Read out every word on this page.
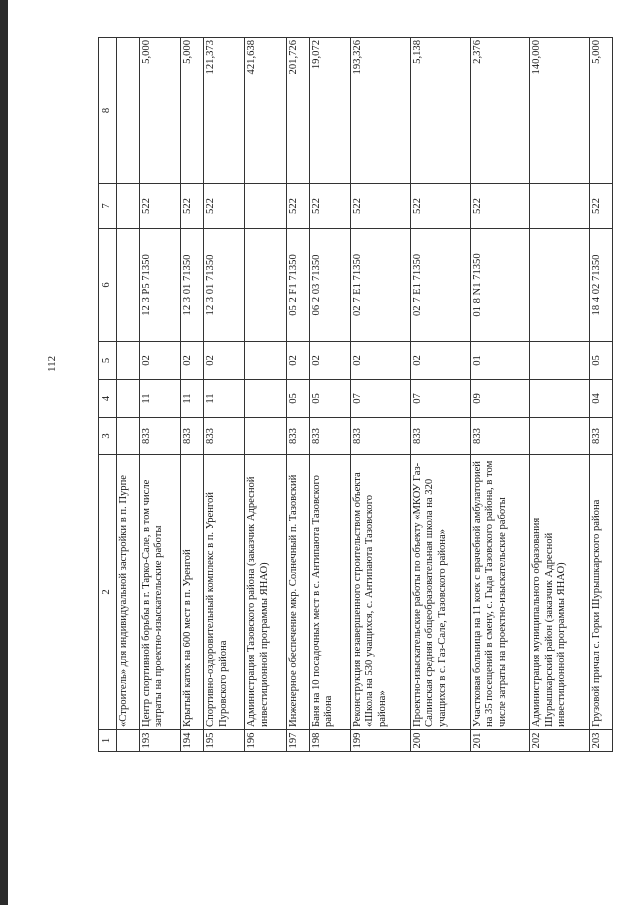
112
1	2	3	4	5	6	7	8
	«Строитель» для индивидуальной застройки в п. Пурпе						
193	Центр спортивной борьбы в г. Тарко-Сале, в том числе затраты на проектно-изыскательские работы	833	11	02	12 3 P5 71350	522	5,000
194	Крытый каток на 600 мест в п. Уренгой	833	11	02	12 3 01 71350	522	5,000
195	Спортивно-оздоровительный комплекс в п. Уренгой Пуровского района	833	11	02	12 3 01 71350	522	121,373
196	Администрация Тазовского района (заказчик Адресной инвестиционной программы ЯНАО)						421,638
197	Инженерное обеспечение мкр. Солнечный п. Тазовский	833	05	02	05 2 F1 71350	522	201,726
198	Баня на 10 посадочных мест в с. Антипаюта Тазовского района	833	05	02	06 2 03 71350	522	19,072
199	Реконструкция незавершенного строительством объекта «Школа на 530 учащихся, с. Антипаюта Тазовского района»	833	07	02	02 7 E1 71350	522	193,326
200	Проектно-изыскательские работы по объекту «МКОУ Газ-Салинская средняя общеобразовательная школа на 320 учащихся в с. Газ-Сале, Тазовского района»	833	07	02	02 7 E1 71350	522	5,138
201	Участковая больница на 11 коек с врачебной амбулаторией на 35 посещений в смену, с. Гыда Тазовского района, в том числе затраты на проектно-изыскательские работы	833	09	01	01 8 N1 71350	522	2,376
202	Администрация муниципального образования Шурышкарский район (заказчик Адресной инвестиционной программы ЯНАО)						140,000
203	Грузовой причал с. Горки Шурышкарского района	833	04	05	18 4 02 71350	522	5,000
